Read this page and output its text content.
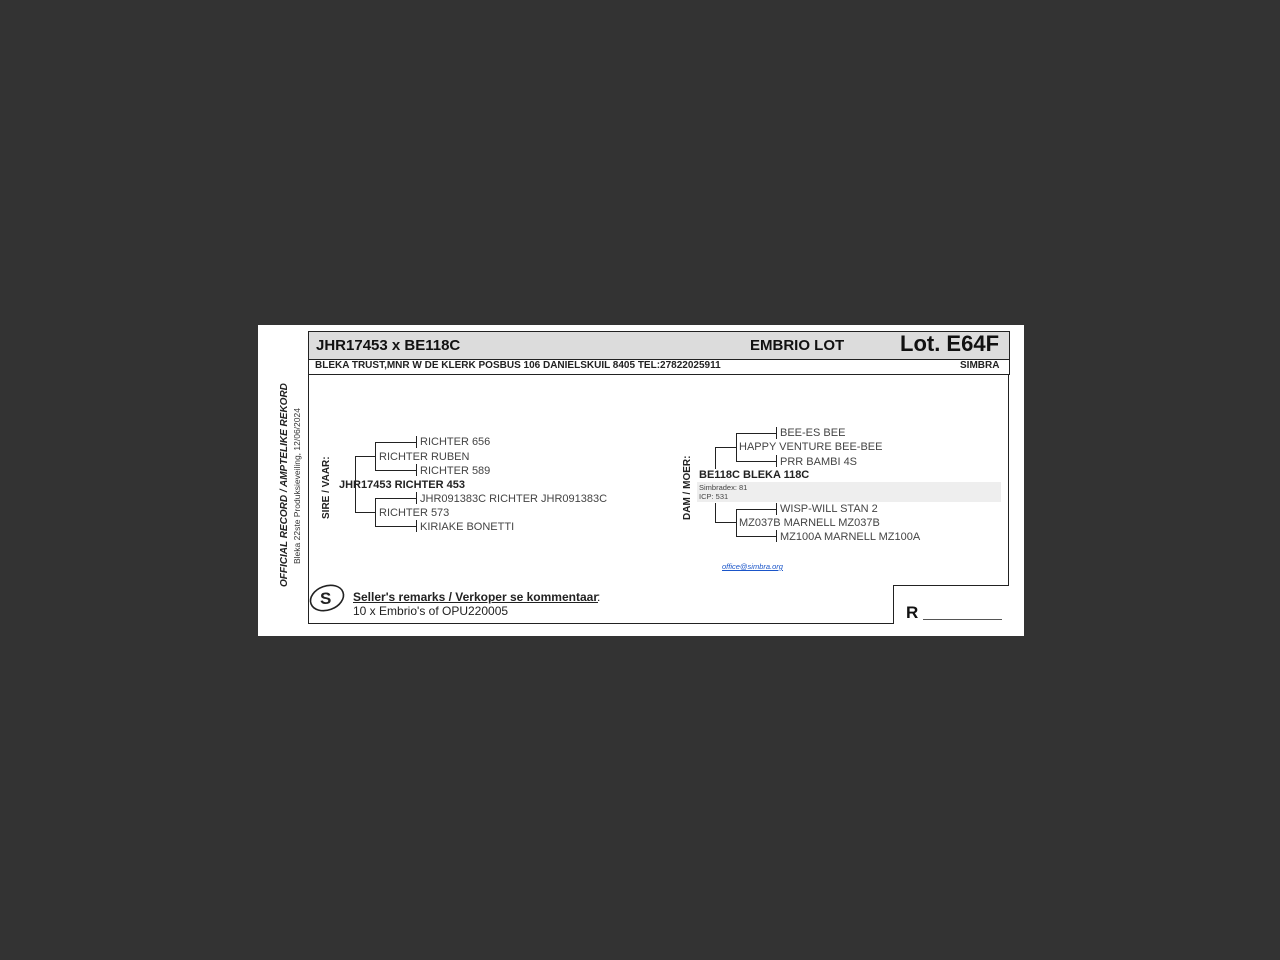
OFFICIAL RECORD / AMPTELIKE REKORD Bleka 22ste Produksieveiling, 12/06/2024
JHR17453 x BE118C	EMBRIO LOT	Lot. E64F
BLEKA TRUST,MNR W DE KLERK POSBUS 106 DANIELSKUIL 8405 TEL:27822025911	SIMBRA
SIRE / VAAR:
RICHTER 656
RICHTER RUBEN
RICHTER 589
JHR17453 RICHTER 453
JHR091383C RICHTER JHR091383C
RICHTER 573
KIRIAKE BONETTI
DAM / MOER:
BEE-ES BEE
HAPPY VENTURE BEE-BEE
PRR BAMBI 4S
BE118C BLEKA 118C
Simbradex: 81
ICP: 531
WISP-WILL STAN 2
MZ037B MARNELL MZ037B
MZ100A MARNELL MZ100A
office@simbra.org
S Seller's remarks / Verkoper se kommentaar :
10 x Embrio's of OPU220005	R
